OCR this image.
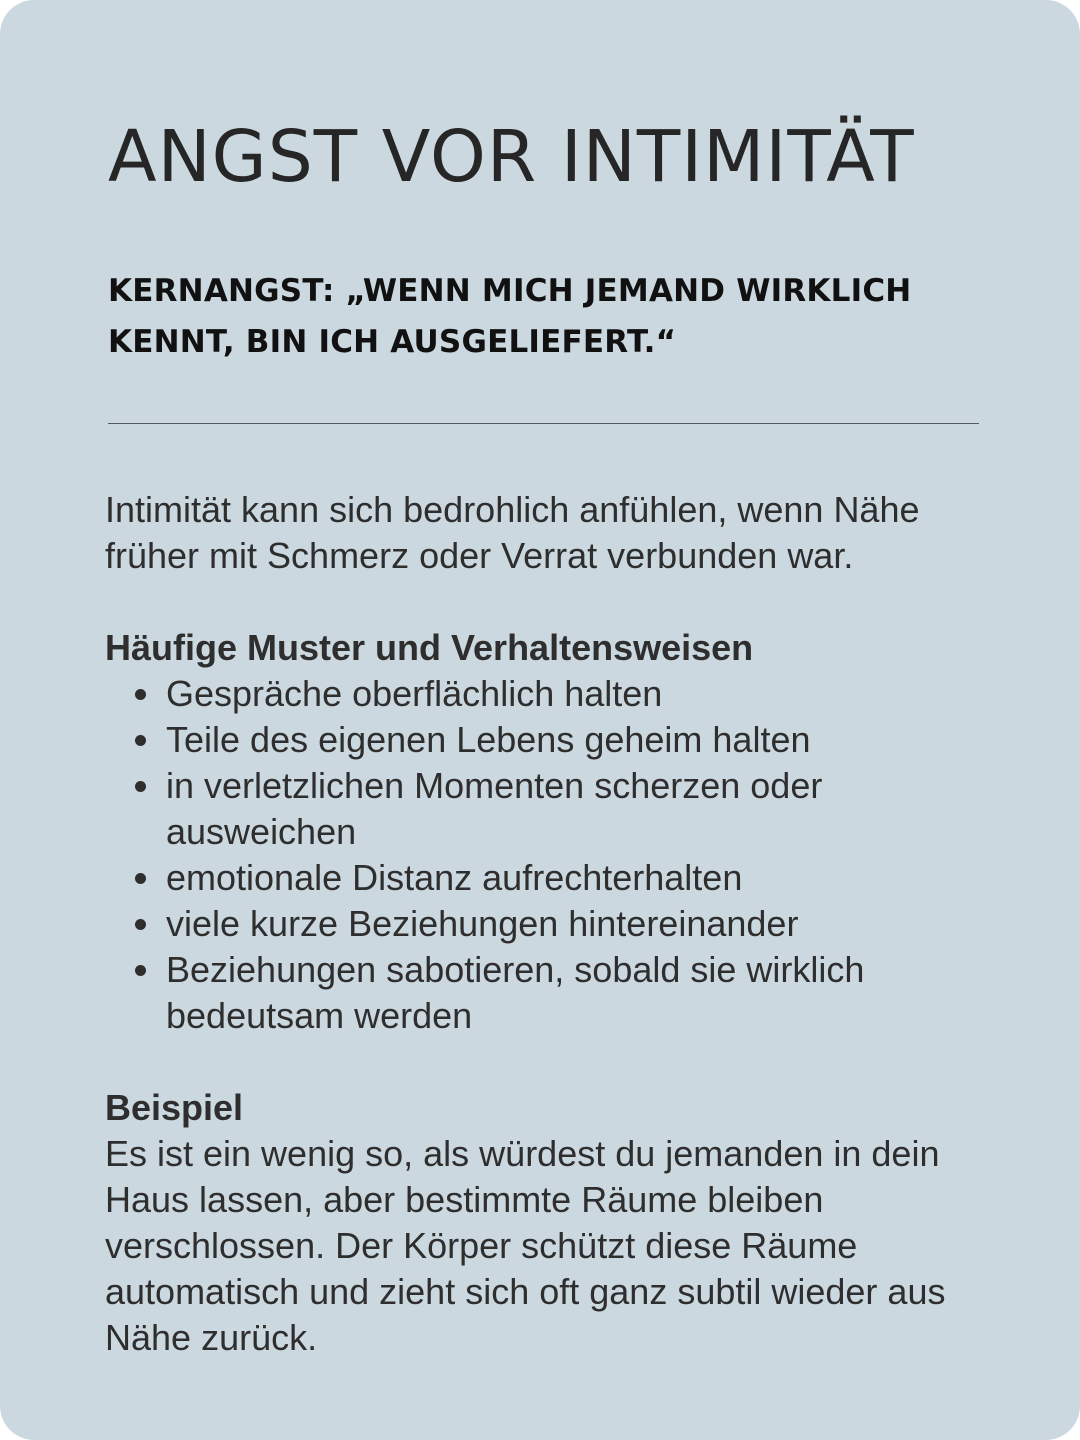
ANGST VOR INTIMITÄT
KERNANGST: „WENN MICH JEMAND WIRKLICH KENNT, BIN ICH AUSGELIEFERT.“

Intimität kann sich bedrohlich anfühlen, wenn Nähe früher mit Schmerz oder Verrat verbunden war.

Häufige Muster und Verhaltensweisen

Gespräche oberflächlich halten
Teile des eigenen Lebens geheim halten
in verletzlichen Momenten scherzen oder ausweichen
emotionale Distanz aufrechterhalten
viele kurze Beziehungen hintereinander
Beziehungen sabotieren, sobald sie wirklich bedeutsam werden

Beispiel

Es ist ein wenig so, als würdest du jemanden in dein Haus lassen, aber bestimmte Räume bleiben verschlossen. Der Körper schützt diese Räume automatisch und zieht sich oft ganz subtil wieder aus Nähe zurück.
